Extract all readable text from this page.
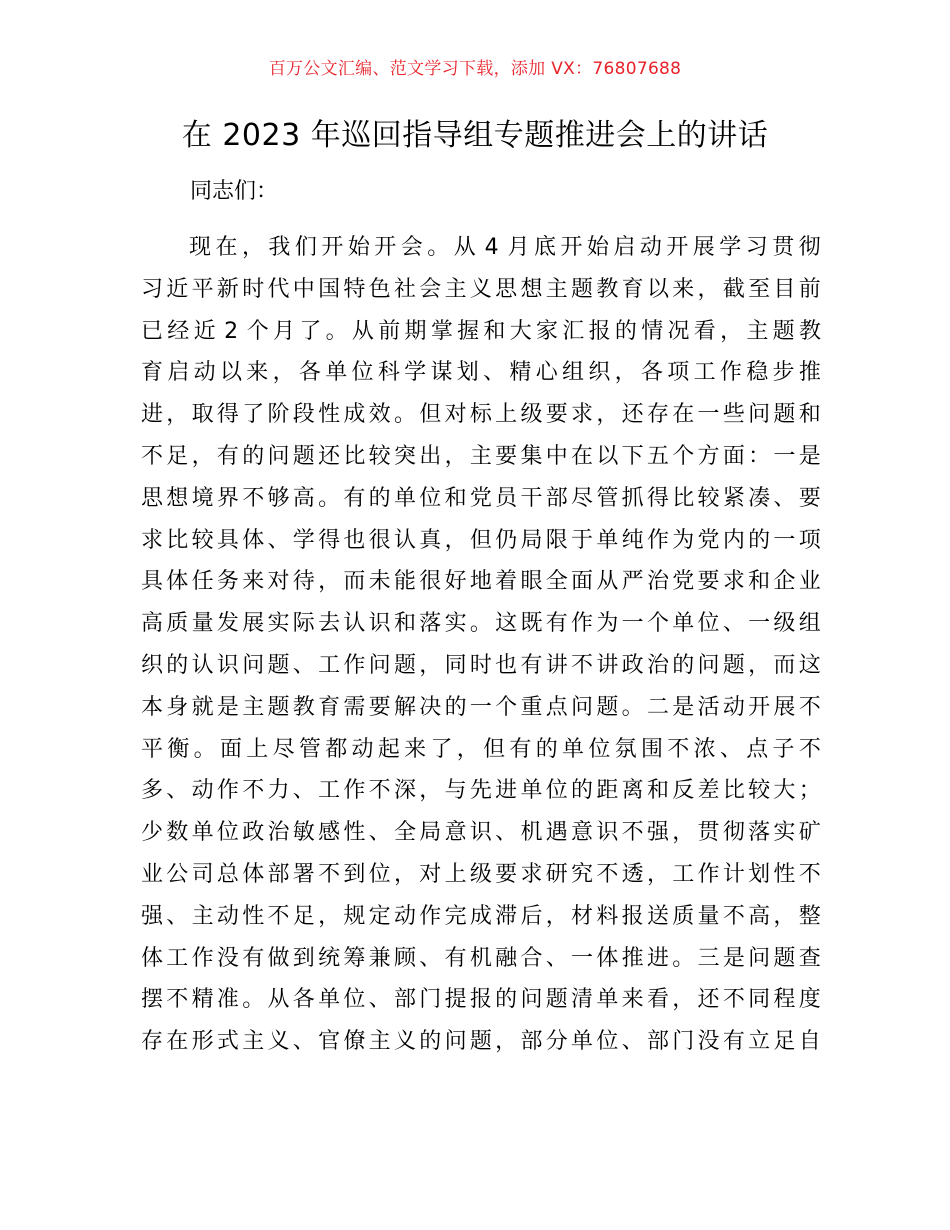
百万公文汇编、范文学习下载，添加 VX：76807688
在 2023 年巡回指导组专题推进会上的讲话
同志们：
现 在 ， 我 们 开 始 开 会 。 从 4 月 底 开 始 启 动 开 展 学 习 贯 彻
习 近 平 新 时 代 中 国 特 色 社 会 主 义 思 想 主 题 教 育 以 来 ， 截 至 目 前
已 经 近 2 个 月 了 。 从 前 期 掌 握 和 大 家 汇 报 的 情 况 看 ， 主 题 教
育 启 动 以 来 ， 各 单 位 科 学 谋 划 、 精 心 组 织 ， 各 项 工 作 稳 步 推
进 ， 取 得 了 阶 段 性 成 效 。 但 对 标 上 级 要 求 ， 还 存 在 一 些 问 题 和
不 足 ， 有 的 问 题 还 比 较 突 出 ， 主 要 集 中 在 以 下 五 个 方 面 ： 一 是
思 想 境 界 不 够 高 。 有 的 单 位 和 党 员 干 部 尽 管 抓 得 比 较 紧 凑 、 要
求 比 较 具 体 、 学 得 也 很 认 真 ， 但 仍 局 限 于 单 纯 作 为 党 内 的 一 项
具 体 任 务 来 对 待 ， 而 未 能 很 好 地 着 眼 全 面 从 严 治 党 要 求 和 企 业
高 质 量 发 展 实 际 去 认 识 和 落 实 。 这 既 有 作 为 一 个 单 位 、 一 级 组
织 的 认 识 问 题 、 工 作 问 题 ， 同 时 也 有 讲 不 讲 政 治 的 问 题 ， 而 这
本 身 就 是 主 题 教 育 需 要 解 决 的 一 个 重 点 问 题 。 二 是 活 动 开 展 不
平 衡 。 面 上 尽 管 都 动 起 来 了 ， 但 有 的 单 位 氛 围 不 浓 、 点 子 不
多 、 动 作 不 力 、 工 作 不 深 ， 与 先 进 单 位 的 距 离 和 反 差 比 较 大 ；
少 数 单 位 政 治 敏 感 性 、 全 局 意 识 、 机 遇 意 识 不 强 ， 贯 彻 落 实 矿
业 公 司 总 体 部 署 不 到 位 ， 对 上 级 要 求 研 究 不 透 ， 工 作 计 划 性 不
强 、 主 动 性 不 足 ， 规 定 动 作 完 成 滞 后 ， 材 料 报 送 质 量 不 高 ， 整
体 工 作 没 有 做 到 统 筹 兼 顾 、 有 机 融 合 、 一 体 推 进 。 三 是 问 题 查
摆 不 精 准 。 从 各 单 位 、 部 门 提 报 的 问 题 清 单 来 看 ， 还 不 同 程 度
存 在 形 式 主 义 、 官 僚 主 义 的 问 题 ， 部 分 单 位 、 部 门 没 有 立 足 自
